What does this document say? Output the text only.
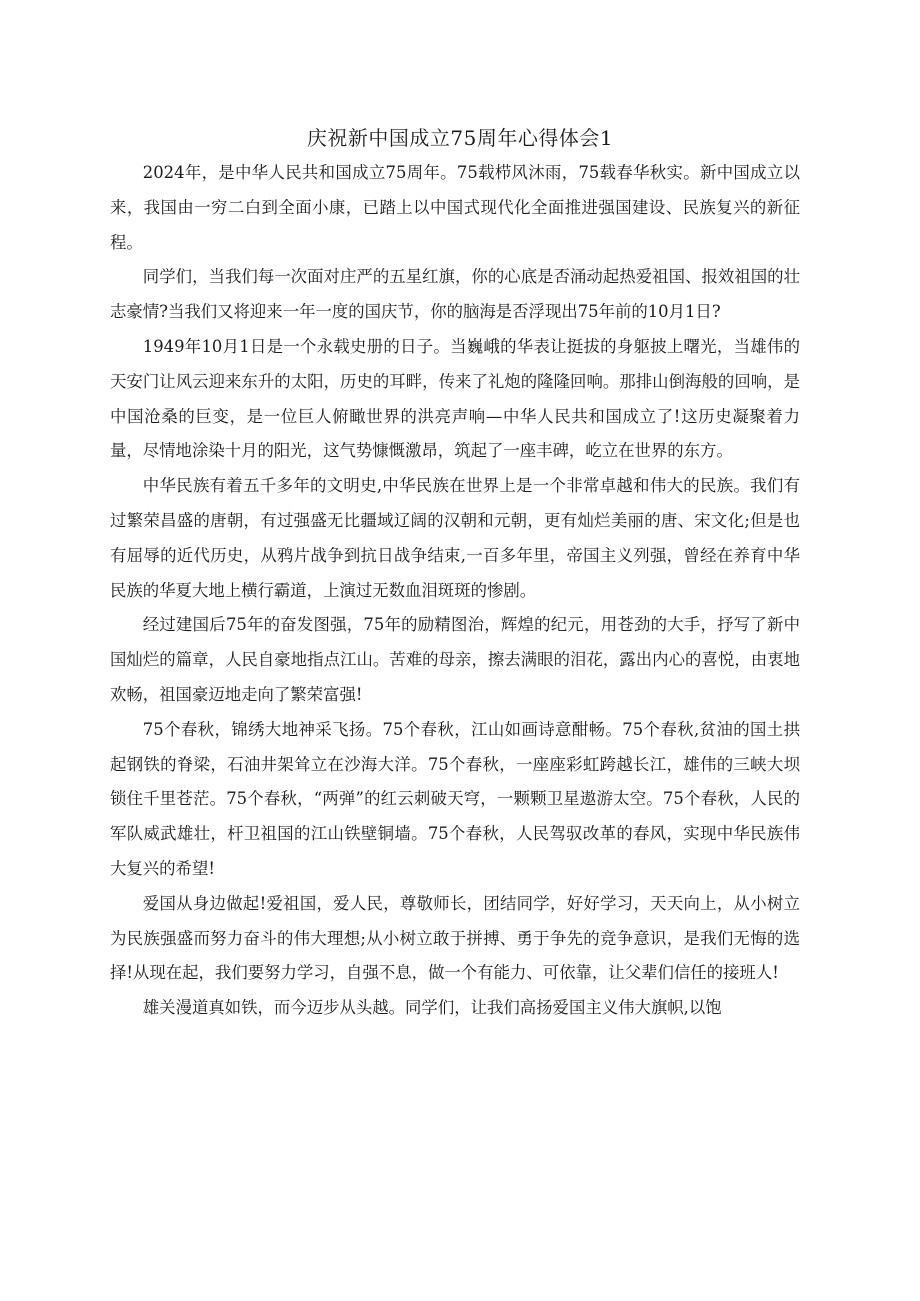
庆祝新中国成立75周年心得体会1

2024年，是中华人民共和国成立75周年。75载栉风沐雨，75载春华秋实。新中国成立以来，我国由一穷二白到全面小康，已踏上以中国式现代化全面推进强国建设、民族复兴的新征程。

同学们，当我们每一次面对庄严的五星红旗，你的心底是否涌动起热爱祖国、报效祖国的壮志豪情?当我们又将迎来一年一度的国庆节，你的脑海是否浮现出75年前的10月1日?

1949年10月1日是一个永载史册的日子。当巍峨的华表让挺拔的身躯披上曙光，当雄伟的天安门让风云迎来东升的太阳，历史的耳畔，传来了礼炮的隆隆回响。那排山倒海般的回响，是中国沧桑的巨变，是一位巨人俯瞰世界的洪亮声响—中华人民共和国成立了!这历史凝聚着力量，尽情地涂染十月的阳光，这气势慷慨激昂，筑起了一座丰碑，屹立在世界的东方。

中华民族有着五千多年的文明史,中华民族在世界上是一个非常卓越和伟大的民族。我们有过繁荣昌盛的唐朝，有过强盛无比疆域辽阔的汉朝和元朝，更有灿烂美丽的唐、宋文化;但是也有屈辱的近代历史，从鸦片战争到抗日战争结束,一百多年里，帝国主义列强，曾经在养育中华民族的华夏大地上横行霸道，上演过无数血泪斑斑的惨剧。

经过建国后75年的奋发图强，75年的励精图治，辉煌的纪元，用苍劲的大手，抒写了新中国灿烂的篇章，人民自豪地指点江山。苦难的母亲，擦去满眼的泪花，露出内心的喜悦，由衷地欢畅，祖国豪迈地走向了繁荣富强!

75个春秋，锦绣大地神采飞扬。75个春秋，江山如画诗意酣畅。75个春秋,贫油的国土拱起钢铁的脊梁，石油井架耸立在沙海大洋。75个春秋，一座座彩虹跨越长江，雄伟的三峡大坝锁住千里苍茫。75个春秋，“两弹”的红云刺破天穹，一颗颗卫星遨游太空。75个春秋，人民的军队威武雄壮，杆卫祖国的江山铁壁铜墙。75个春秋，人民驾驭改革的春风，实现中华民族伟大复兴的希望!

爱国从身边做起!爱祖国，爱人民，尊敬师长，团结同学，好好学习，天天向上，从小树立为民族强盛而努力奋斗的伟大理想;从小树立敢于拼搏、勇于争先的竞争意识，是我们无悔的选择!从现在起，我们要努力学习，自强不息，做一个有能力、可依靠，让父辈们信任的接班人!

雄关漫道真如铁，而今迈步从头越。同学们，让我们高扬爱国主义伟大旗帜,以饱
